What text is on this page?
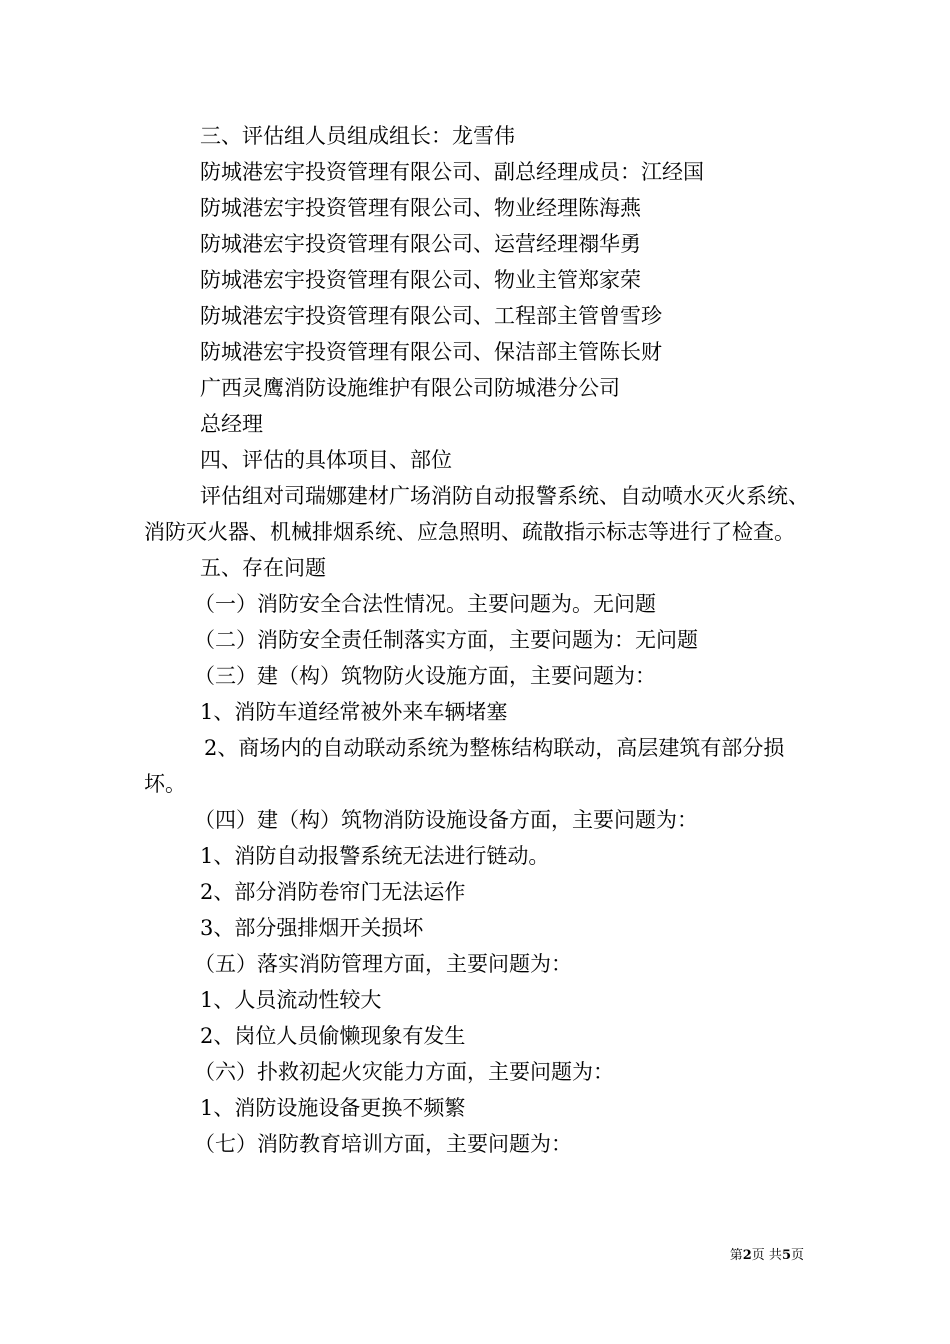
三、评估组人员组成组长：龙雪伟

防城港宏宇投资管理有限公司、副总经理成员：江经国

防城港宏宇投资管理有限公司、物业经理陈海燕

防城港宏宇投资管理有限公司、运营经理禤华勇

防城港宏宇投资管理有限公司、物业主管郑家荣

防城港宏宇投资管理有限公司、工程部主管曾雪珍

防城港宏宇投资管理有限公司、保洁部主管陈长财

广西灵鹰消防设施维护有限公司防城港分公司

总经理

四、评估的具体项目、部位

评估组对司瑞娜建材广场消防自动报警系统、自动喷水灭火系统、消防灭火器、机械排烟系统、应急照明、疏散指示标志等进行了检查。

五、存在问题

（一）消防安全合法性情况。主要问题为。无问题

（二）消防安全责任制落实方面，主要问题为：无问题

（三）建（构）筑物防火设施方面，主要问题为：

1、消防车道经常被外来车辆堵塞

2、商场内的自动联动系统为整栋结构联动，高层建筑有部分损坏。

（四）建（构）筑物消防设施设备方面，主要问题为：

1、消防自动报警系统无法进行链动。

2、部分消防卷帘门无法运作

3、部分强排烟开关损坏

（五）落实消防管理方面，主要问题为：

1、人员流动性较大

2、岗位人员偷懒现象有发生

（六）扑救初起火灾能力方面，主要问题为：

1、消防设施设备更换不频繁

（七）消防教育培训方面，主要问题为：

第2页 共5页
